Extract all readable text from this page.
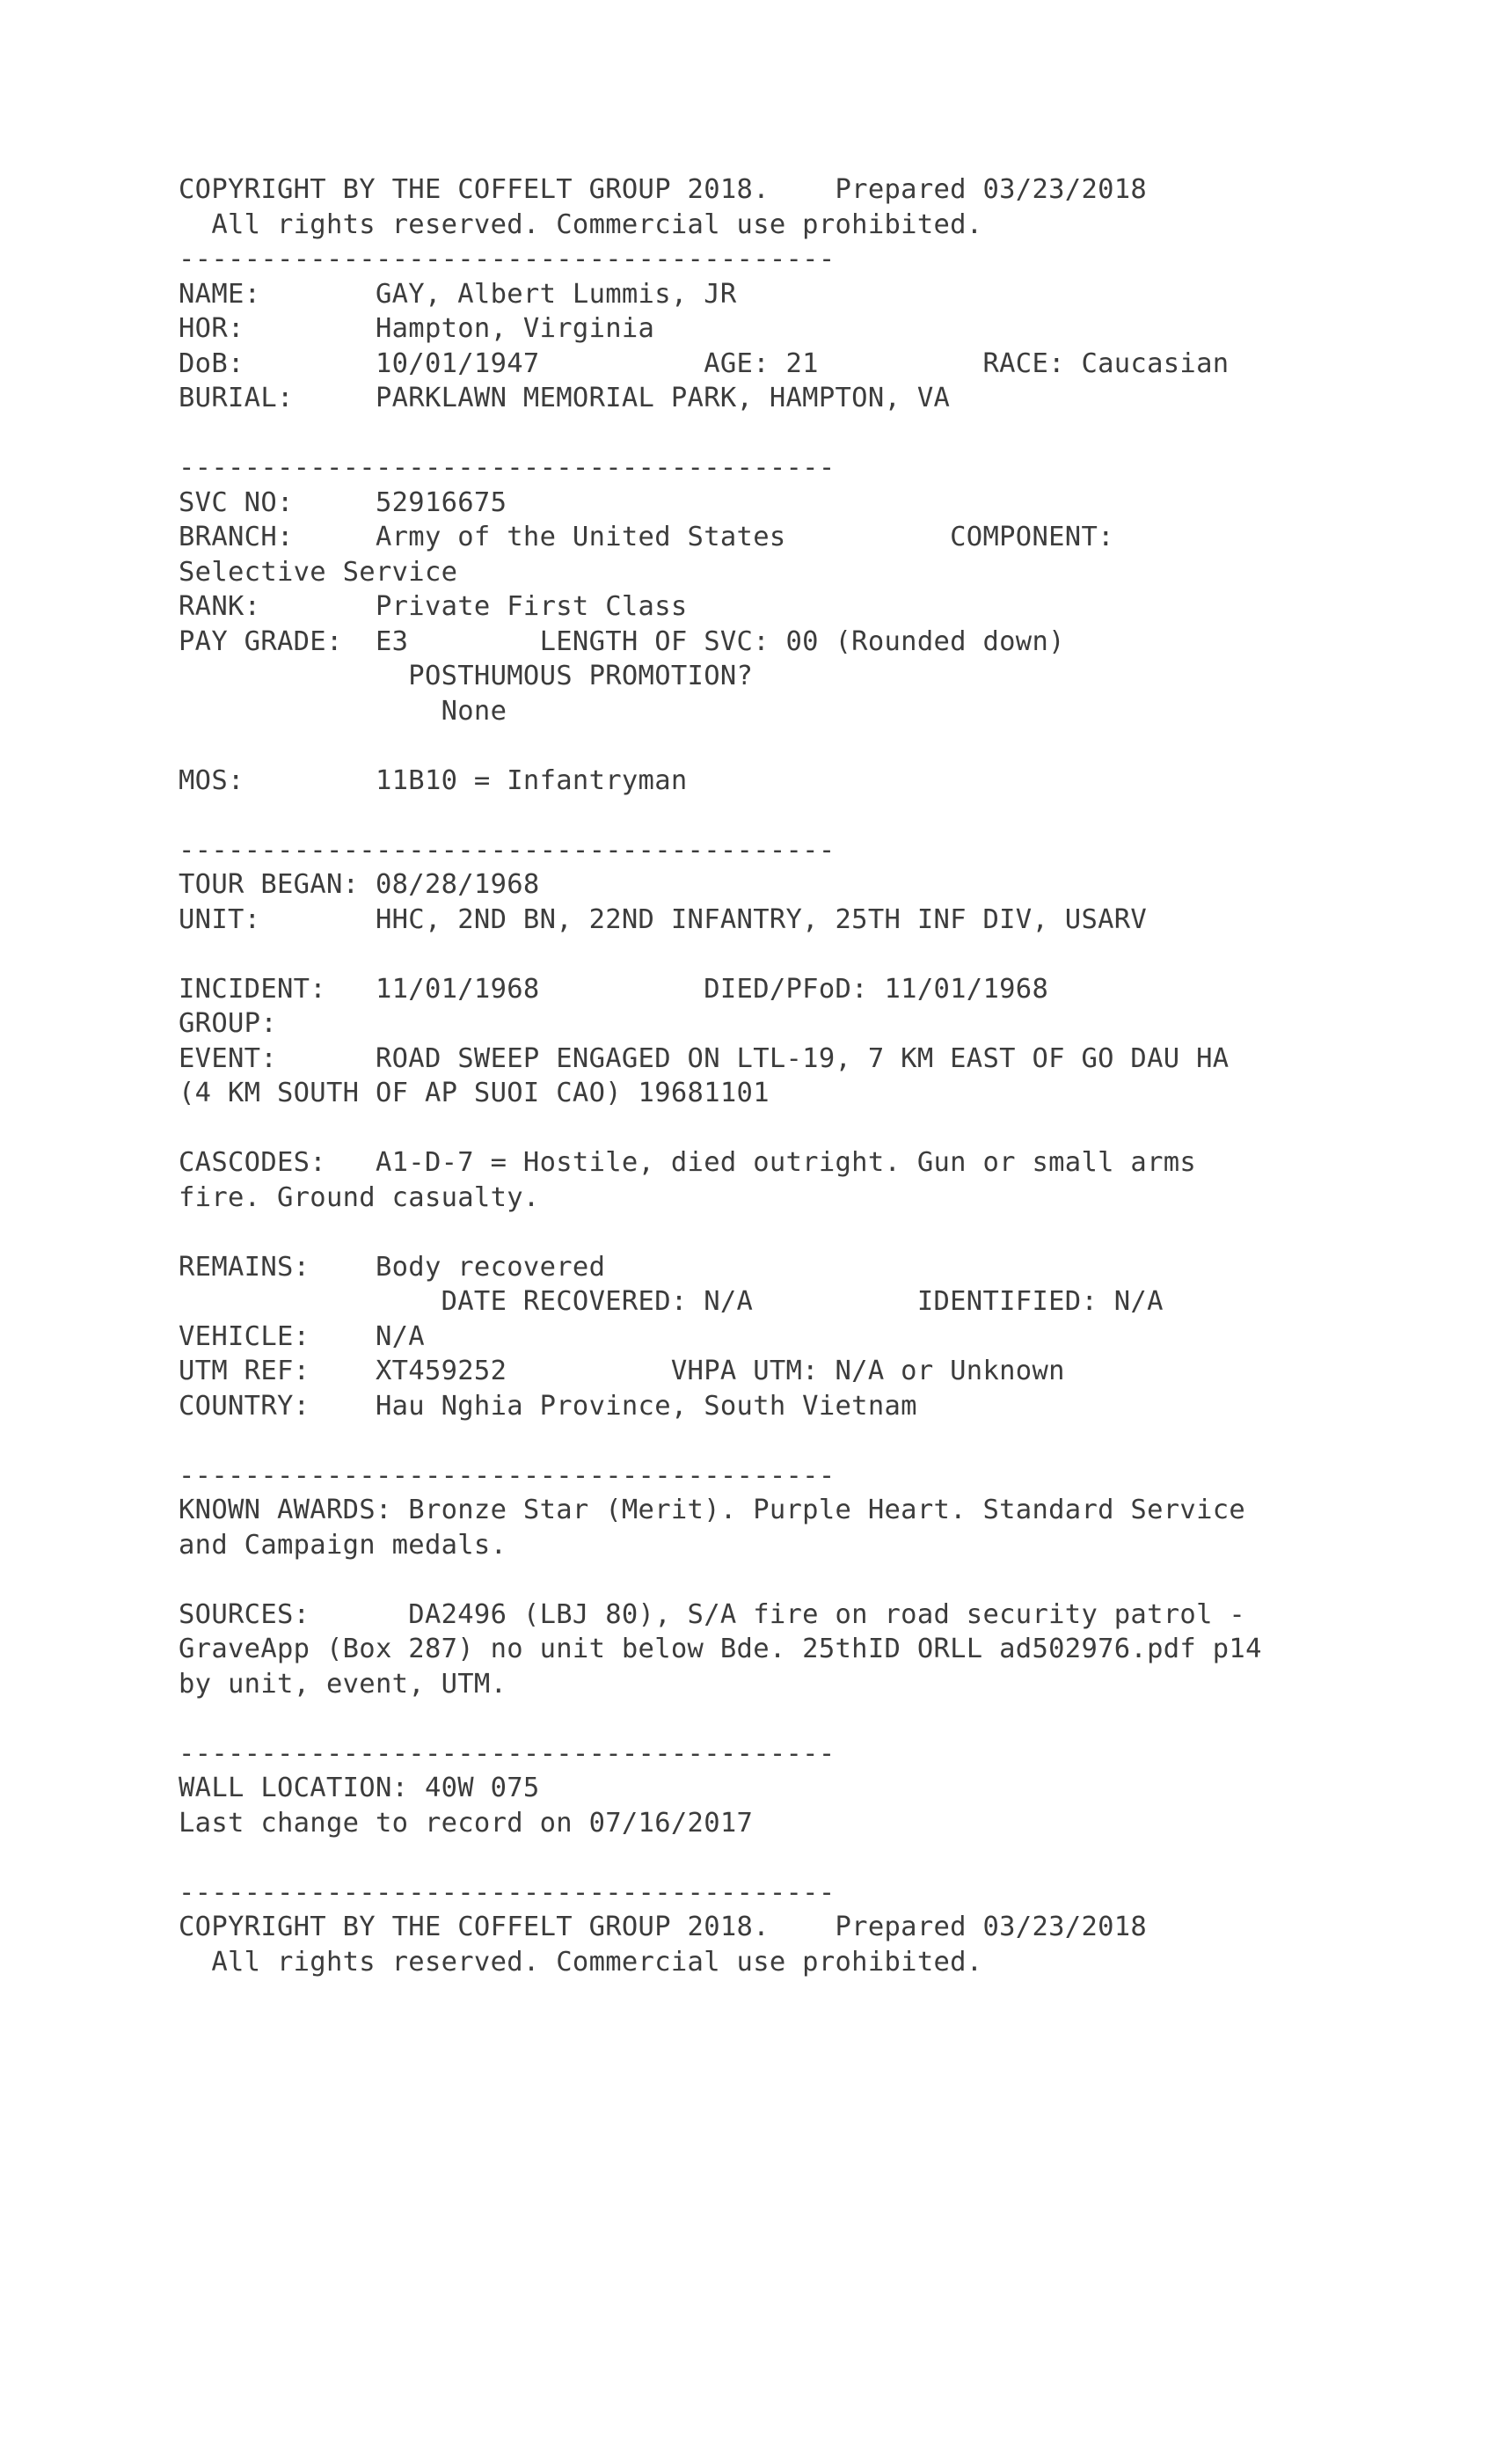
COPYRIGHT BY THE COFFELT GROUP 2018.    Prepared 03/23/2018
All rights reserved. Commercial use prohibited.
----------------------------------------
NAME:       GAY, Albert Lummis, JR
HOR:        Hampton, Virginia
DoB:        10/01/1947          AGE: 21          RACE: Caucasian
BURIAL:     PARKLAWN MEMORIAL PARK, HAMPTON, VA
----------------------------------------
SVC NO:     52916675
BRANCH:     Army of the United States          COMPONENT:
Selective Service
RANK:       Private First Class
PAY GRADE:  E3        LENGTH OF SVC: 00 (Rounded down)
POSTHUMOUS PROMOTION?
None
MOS:        11B10 = Infantryman
----------------------------------------
TOUR BEGAN: 08/28/1968
UNIT:       HHC, 2ND BN, 22ND INFANTRY, 25TH INF DIV, USARV
INCIDENT:   11/01/1968          DIED/PFoD: 11/01/1968
GROUP:
EVENT:      ROAD SWEEP ENGAGED ON LTL-19, 7 KM EAST OF GO DAU HA
(4 KM SOUTH OF AP SUOI CAO) 19681101
CASCODES:   A1-D-7 = Hostile, died outright. Gun or small arms
fire. Ground casualty.
REMAINS:    Body recovered
DATE RECOVERED: N/A          IDENTIFIED: N/A
VEHICLE:    N/A
UTM REF:    XT459252          VHPA UTM: N/A or Unknown
COUNTRY:    Hau Nghia Province, South Vietnam
----------------------------------------
KNOWN AWARDS: Bronze Star (Merit). Purple Heart. Standard Service
and Campaign medals.
SOURCES:      DA2496 (LBJ 80), S/A fire on road security patrol -
GraveApp (Box 287) no unit below Bde. 25thID ORLL ad502976.pdf p14
by unit, event, UTM.
----------------------------------------
WALL LOCATION: 40W 075
Last change to record on 07/16/2017
----------------------------------------
COPYRIGHT BY THE COFFELT GROUP 2018.    Prepared 03/23/2018
All rights reserved. Commercial use prohibited.
